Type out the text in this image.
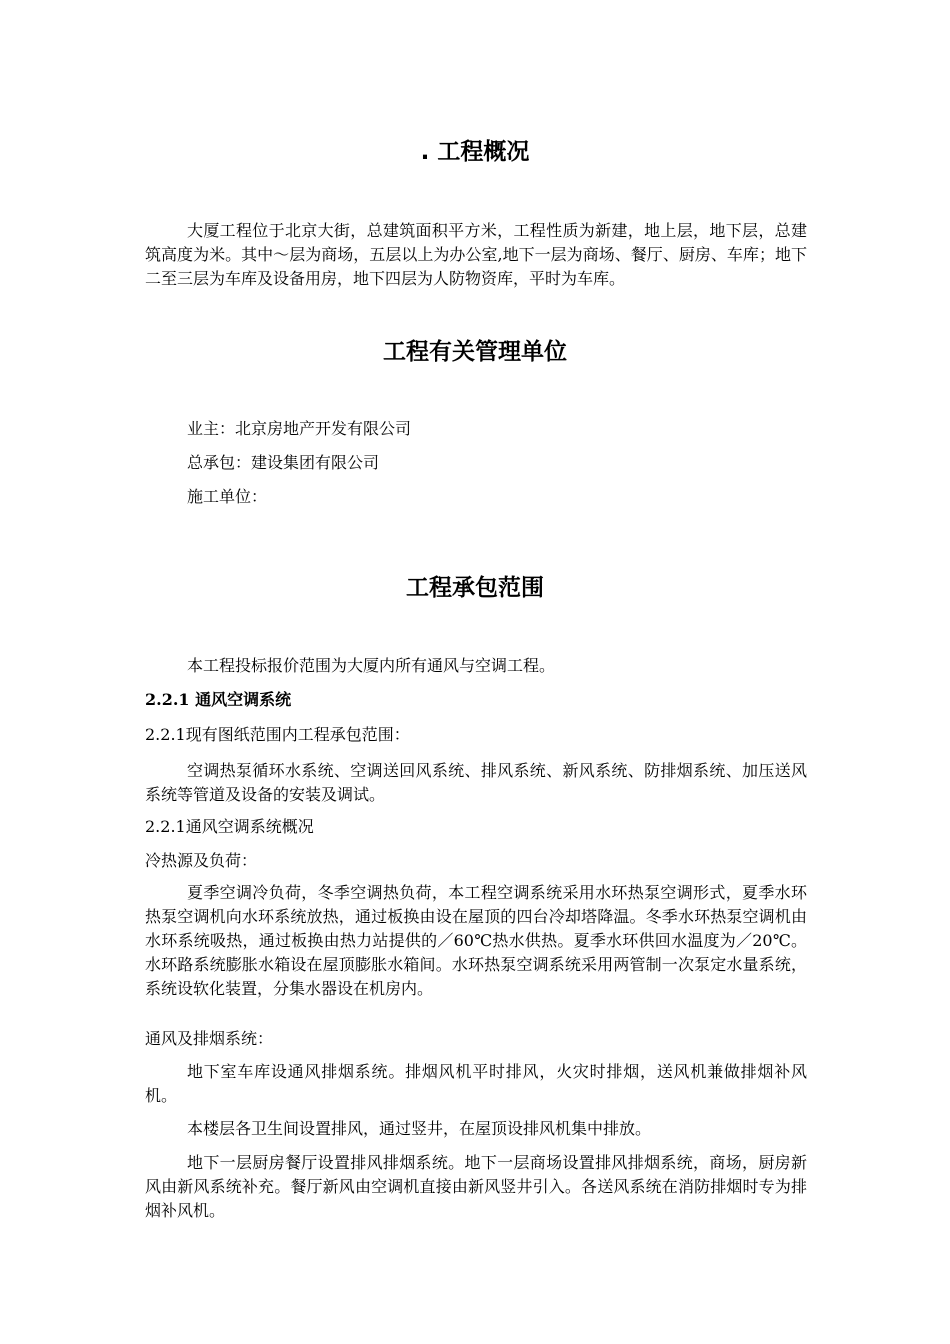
. 工程概况

大厦工程位于北京大街，总建筑面积平方米，工程性质为新建，地上层，地下层，总建筑高度为米。其中～层为商场，五层以上为办公室,地下一层为商场、餐厅、厨房、车库；地下二至三层为车库及设备用房，地下四层为人防物资库，平时为车库。

工程有关管理单位

业主：北京房地产开发有限公司

总承包：建设集团有限公司

施工单位：

工程承包范围

本工程投标报价范围为大厦内所有通风与空调工程。

2.2.1 通风空调系统

2.2.1现有图纸范围内工程承包范围：

空调热泵循环水系统、空调送回风系统、排风系统、新风系统、防排烟系统、加压送风系统等管道及设备的安装及调试。

2.2.1通风空调系统概况

冷热源及负荷：

夏季空调冷负荷，冬季空调热负荷，本工程空调系统采用水环热泵空调形式，夏季水环热泵空调机向水环系统放热，通过板换由设在屋顶的四台冷却塔降温。冬季水环热泵空调机由水环系统吸热，通过板换由热力站提供的／60℃热水供热。夏季水环供回水温度为／20℃。水环路系统膨胀水箱设在屋顶膨胀水箱间。水环热泵空调系统采用两管制一次泵定水量系统，系统设软化装置，分集水器设在机房内。

通风及排烟系统：

地下室车库设通风排烟系统。排烟风机平时排风，火灾时排烟，送风机兼做排烟补风机。

本楼层各卫生间设置排风，通过竖井，在屋顶设排风机集中排放。

地下一层厨房餐厅设置排风排烟系统。地下一层商场设置排风排烟系统，商场，厨房新风由新风系统补充。餐厅新风由空调机直接由新风竖井引入。各送风系统在消防排烟时专为排烟补风机。
